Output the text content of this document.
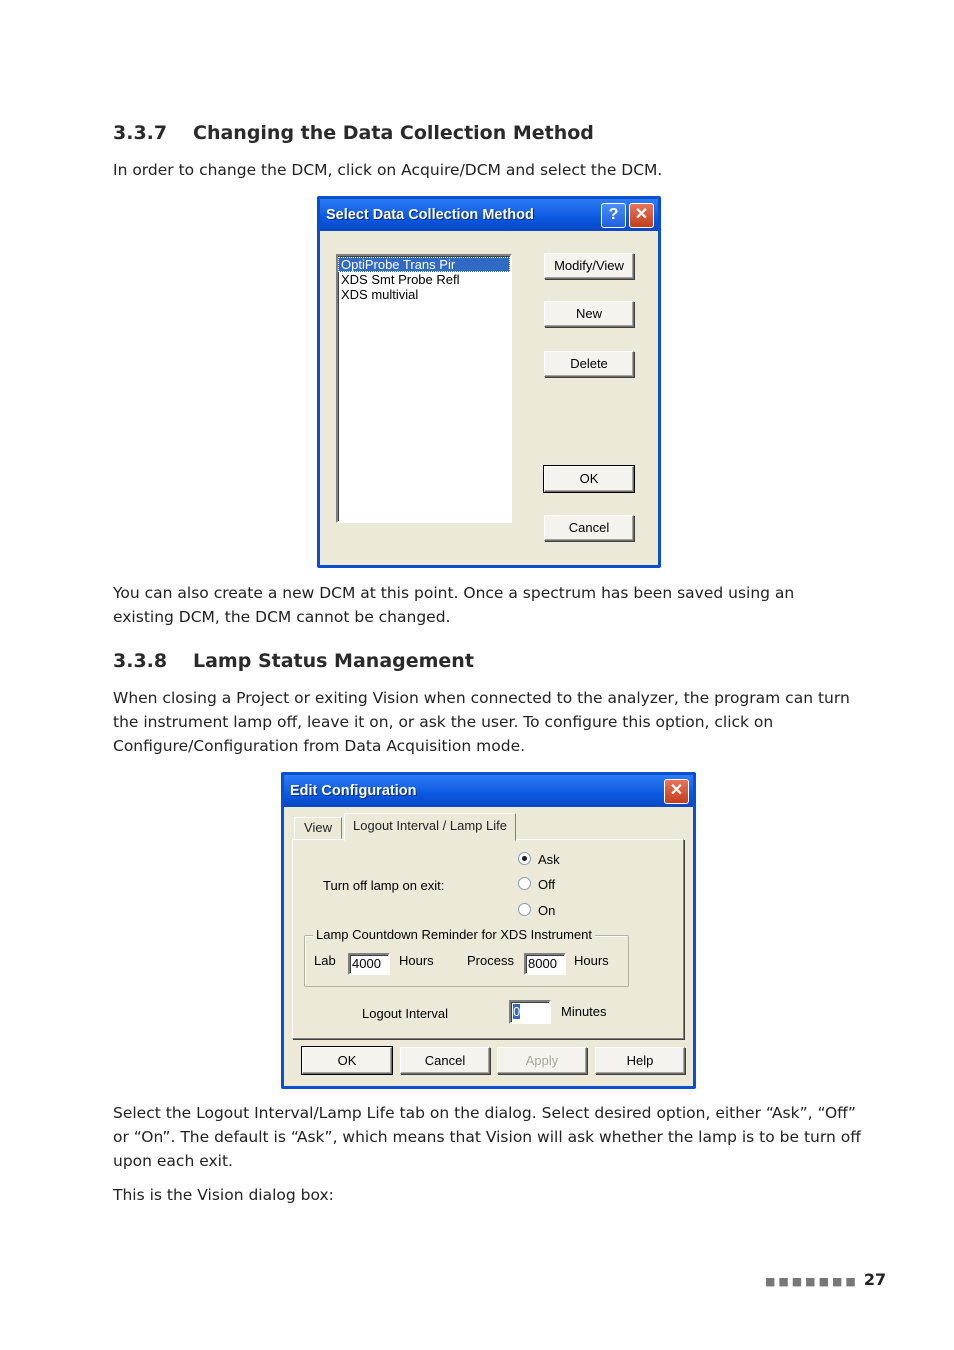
3.3.7 Changing the Data Collection Method
In order to change the DCM, click on Acquire/DCM and select the DCM.
Select Data Collection Method	?	✕
OptiProbe Trans Pir
XDS Smt Probe Refl
XDS multivial
Modify/View
New
Delete
OK
Cancel
You can also create a new DCM at this point. Once a spectrum has been saved using an existing DCM, the DCM cannot be changed.
3.3.8 Lamp Status Management
When closing a Project or exiting Vision when connected to the analyzer, the program can turn the instrument lamp off, leave it on, or ask the user. To configure this option, click on Configure/Configuration from Data Acquisition mode.
Edit Configuration	✕
View	Logout Interval / Lamp Life
Turn off lamp on exit:
Ask
Off
On
Lamp Countdown Reminder for XDS Instrument
Lab	4000	Hours	Process	8000	Hours
Logout Interval	0	Minutes
OK	Cancel	Apply	Help
Select the Logout Interval/Lamp Life tab on the dialog. Select desired option, either “Ask”, “Off” or “On”. The default is “Ask”, which means that Vision will ask whether the lamp is to be turn off upon each exit.
This is the Vision dialog box:
■■■■■■■ 27
